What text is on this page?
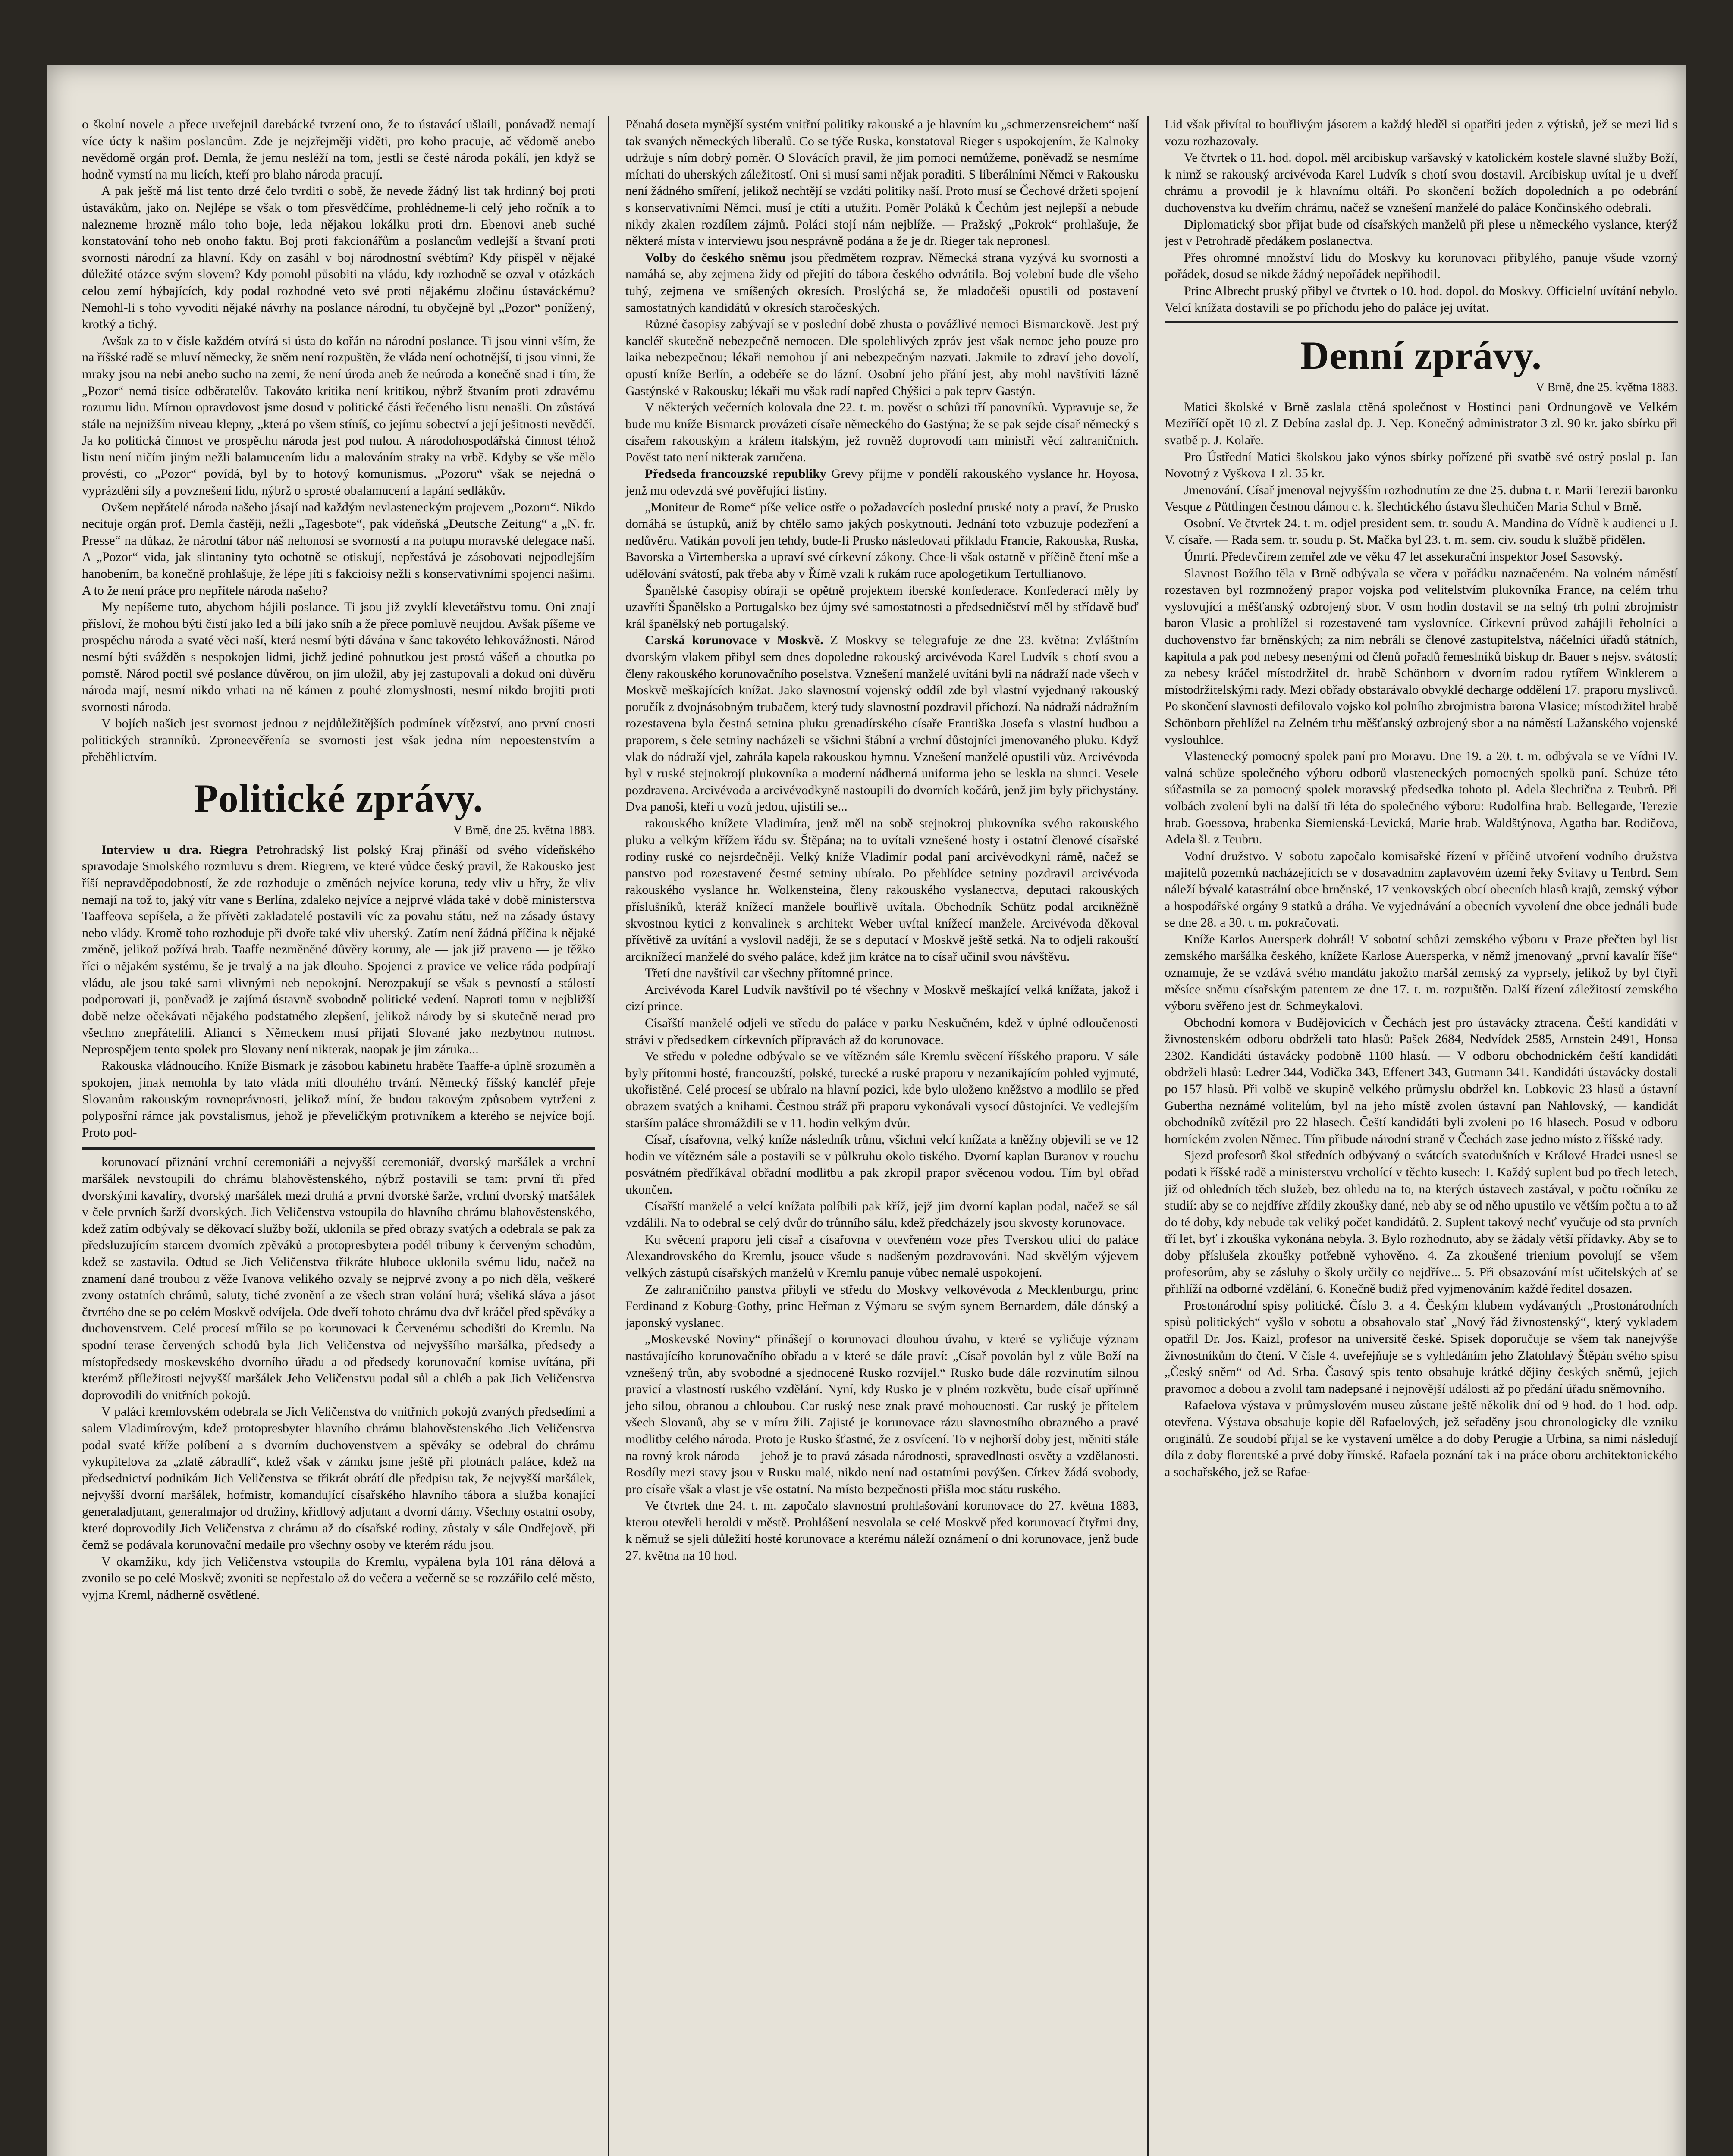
o školní novele a přece uveřejnil darebácké tvrzení ono, že to ústavácí ušlaili, ponávadž nemají více úcty k našim poslancům. Zde je nejzřejměji viděti, pro koho pracuje, ač vědomě anebo nevědomě orgán prof. Demla, že jemu nesléží na tom, jestli se česté národa pokálí, jen když se hodně vymstí na mu licích, kteří pro blaho národa pracují.

A pak ještě má list tento drzé čelo tvrditi o sobě, že nevede žádný list tak hrdinný boj proti ústavákům, jako on. Nejlépe se však o tom přesvědčíme, prohlédneme-li celý jeho ročník a to nalezneme hrozně málo toho boje, leda nějakou lokálku proti drn. Ebenovi aneb suché konstatování toho neb onoho faktu. Boj proti fakcionářům a poslancům vedlejší a štvaní proti svornosti národní za hlavní. Kdy on zasáhl v boj národnostní svébtím? Kdy přispěl v nějaké důležité otázce svým slovem? Kdy pomohl působiti na vládu, kdy rozhodně se ozval v otázkách celou zemí hýbajících, kdy podal rozhodné veto své proti nějakému zločinu ústaváckému? Nemohl-li s toho vyvoditi nějaké návrhy na poslance národní, tu obyčejně byl „Pozor“ ponížený, krotký a tichý.

Avšak za to v čísle každém otvírá si ústa do kořán na národní poslance. Ti jsou vinni vším, že na říšské radě se mluví německy, že sněm není rozpuštěn, že vláda není ochotnější, ti jsou vinni, že mraky jsou na nebi anebo sucho na zemi, že není úroda aneb že neúroda a konečně snad i tím, že „Pozor“ nemá tisíce odběratelův. Takováto kritika není kritikou, nýbrž štvaním proti zdravému rozumu lidu. Mírnou opravdovost jsme dosud v politické části řečeného listu nenašli. On zůstává stále na nejnižším niveau klepny, „která po všem stíníš, co jejímu sobectví a její ješitnosti nevědčí. Ja ko politická činnost ve prospěchu národa jest pod nulou. A národohospodářská činnost téhož listu není ničím jiným nežli balamucením lidu a malováním straky na vrbě. Kdyby se vše mělo provésti, co „Pozor“ povídá, byl by to hotový komunismus. „Pozoru“ však se nejedná o vyprázdění síly a povznešení lidu, nýbrž o sprosté obalamucení a lapání sedlákův.

Ovšem nepřátelé národa našeho jásají nad každým nevlasteneckým projevem „Pozoru“. Nikdo necituje orgán prof. Demla častěji, nežli „Tagesbote“, pak vídeňská „Deutsche Zeitung“ a „N. fr. Presse“ na důkaz, že národní tábor náš nehonosí se svorností a na potupu moravské delegace naší. A „Pozor“ vida, jak slintaniny tyto ochotně se otiskují, nepřestává je zásobovati nejpodlejším hanobením, ba konečně prohlašuje, že lépe jíti s fakcioisy nežli s konservativními spojenci našimi. A to že není práce pro nepřítele národa našeho?

My nepíšeme tuto, abychom hájili poslance. Ti jsou již zvyklí klevetářstvu tomu. Oni znají přísloví, že mohou býti čistí jako led a bílí jako sníh a že přece pomluvě neujdou. Avšak píšeme ve prospěchu národa a svaté věci naší, která nesmí býti dávána v šanc takovéto lehkovážnosti. Národ nesmí býti svážděn s nespokojen lidmi, jichž jediné pohnutkou jest prostá vášeň a choutka po pomstě. Národ poctil své poslance důvěrou, on jim uložil, aby jej zastupovali a dokud oni důvěru národa mají, nesmí nikdo vrhati na ně kámen z pouhé zlomyslnosti, nesmí nikdo brojiti proti svornosti národa.

V bojích našich jest svornost jednou z nejdůležitějších podmínek vítězství, ano první cnosti politických stranníků. Zproneevěřenía se svornosti jest však jedna ním nepoestenstvím a přeběhlictvím.

Politické zprávy.
V Brně, dne 25. května 1883.

Interview u dra. Riegra Petrohradský list polský Kraj přináší od svého vídeňského spravodaje Smolského rozmluvu s drem. Riegrem, ve které vůdce český pravil, že Rakousko jest říší nepravděpodobností, že zde rozhoduje o změnách nejvíce koruna, tedy vliv u hřry, že vliv nemají na tož to, jaký vítr vane s Berlína, zdaleko nejvíce a nejprvé vláda také v době ministerstva Taaffeova sepíšela, a že přívěti zakladatelé postavili víc za povahu státu, než na zásady ústavy nebo vlády. Kromě toho rozhoduje při dvoře také vliv uherský. Zatím není žádná příčina k nějaké změně, jelikož požívá hrab. Taaffe nezměněné důvěry koruny, ale — jak již praveno — je těžko říci o nějakém systému, še je trvalý a na jak dlouho. Spojenci z pravice ve velice ráda podpírají vládu, ale jsou také sami vlivnými neb nepokojní. Nerozpakují se však s pevností a stálostí podporovati ji, poněvadž je zajímá ústavně svobodně politické vedení. Naproti tomu v nejbližší době nelze očekávati nějakého podstatného zlepšení, jelikož národy by si skutečně nerad pro všechno znepřátelili. Aliancí s Německem musí přijati Slované jako nezbytnou nutnost. Neprospějem tento spolek pro Slovany není nikterak, naopak je jim záruka...

Rakouska vládnoucího. Kníže Bismark je zásobou kabinetu hraběte Taaffe-a úplně srozuměn a spokojen, jinak nemohla by tato vláda míti dlouhého trvání. Německý říšský kancléř přeje Slovanům rakouským rovnoprávnosti, jelikož míní, že budou takovým způsobem vytrženi z polyposřní rámce jak povstalismus, jehož je převeličkým protivníkem a kterého se nejvíce bojí. Proto pod-

korunovací přiznání vrchní ceremoniáři a nejvyšší ceremoniář, dvorský maršálek a vrchní maršálek nevstoupili do chrámu blahověstenského, nýbrž postavili se tam: první tři před dvorskými kavalíry, dvorský maršálek mezi druhá a první dvorské šarže, vrchní dvorský maršálek v čele prvních šarží dvorských. Jich Veličenstva vstoupila do hlavního chrámu blahověstenského, kdež zatím odbývaly se děkovací služby boží, uklonila se před obrazy svatých a odebrala se pak za předsluzujícím starcem dvorních zpěváků a protopresbytera podél tribuny k červeným schodům, kdež se zastavila. Odtud se Jich Veličenstva třikráte hluboce uklonila svému lidu, načež na znamení dané troubou z věže Ivanova velikého ozvaly se nejprvé zvony a po nich děla, veškeré zvony ostatních chrámů, saluty, tiché zvonění a ze všech stran volání hurá; všeliká sláva a jásot čtvrtého dne se po celém Moskvě odvíjela. Ode dveří tohoto chrámu dva dvř kráčel před spěváky a duchovenstvem. Celé procesí mířilo se po korunovaci k Červenému schodišti do Kremlu. Na spodní terase červených schodů byla Jich Veličenstva od nejvyššího maršálka, předsedy a místopředsedy moskevského dvorního úřadu a od předsedy korunovační komise uvítána, při kterémž příležitosti nejvyšší maršálek Jeho Veličenstvu podal sůl a chléb a pak Jich Veličenstva doprovodili do vnitřních pokojů.

V paláci kremlovském odebrala se Jich Veličenstva do vnitřních pokojů zvaných předsedími a salem Vladimírovým, kdež protopresbyter hlavního chrámu blahověstenského Jich Veličenstva podal svaté kříže políbení a s dvorním duchovenstvem a spěváky se odebral do chrámu vykupitelova za „zlatě zábradlí“, kdež však v zámku jsme ještě při plotnách paláce, kdež na předsednictví podnikám Jich Veličenstva se třikrát obrátí dle předpisu tak, že nejvyšší maršálek, nejvyšší dvorní maršálek, hofmistr, komandující císařského hlavního tábora a služba konající generaladjutant, generalmajor od družiny, křídlový adjutant a dvorní dámy. Všechny ostatní osoby, které doprovodily Jich Veličenstva z chrámu až do císařské rodiny, zůstaly v sále Ondřejově, při čemž se podávala korunovační medaile pro všechny osoby ve kterém rádu jsou.

V okamžiku, kdy jich Veličenstva vstoupila do Kremlu, vypálena byla 101 rána dělová a zvonilo se po celé Moskvě; zvoniti se nepřestalo až do večera a večerně se se rozzářilo celé město, vyjma Kreml, nádherně osvětlené.

Pěnahá doseta mynější systém vnitřní politiky rakouské a je hlavním ku „schmerzensreichem“ naší tak svaných německých liberalů. Co se týče Ruska, konstatoval Rieger s uspokojením, že Kalnoky udržuje s ním dobrý poměr. O Slovácích pravil, že jim pomoci nemůžeme, poněvadž se nesmíme míchati do uherských záležitostí. Oni si musí sami nějak poraditi. S liberálními Němci v Rakousku není žádného smíření, jelikož nechtějí se vzdáti politiky naší. Proto musí se Čechové držeti spojení s konservativními Němci, musí je ctíti a utužiti. Poměr Poláků k Čechům jest nejlepší a nebude nikdy zkalen rozdílem zájmů. Poláci stojí nám nejblíže. — Pražský „Pokrok“ prohlašuje, že některá místa v interviewu jsou nesprávně podána a že je dr. Rieger tak nepronesl.

Volby do českého sněmu jsou předmětem rozprav. Německá strana vyzývá ku svornosti a namáhá se, aby zejmena židy od přejití do tábora českého odvrátila. Boj volební bude dle všeho tuhý, zejmena ve smíšených okresích. Proslýchá se, že mladočeši opustili od postavení samostatných kandidátů v okresích staročeských.

Různé časopisy zabývají se v poslední době zhusta o povážlivé nemoci Bismarckově. Jest prý kancléř skutečně nebezpečně nemocen. Dle spolehlivých zpráv jest však nemoc jeho pouze pro laika nebezpečnou; lékaři nemohou jí ani nebezpečným nazvati. Jakmile to zdraví jeho dovolí, opustí kníže Berlín, a odebéře se do lázní. Osobní jeho přání jest, aby mohl navštíviti lázně Gastýnské v Rakousku; lékaři mu však radí napřed Chýšici a pak teprv Gastýn.

V některých večerních kolovala dne 22. t. m. pověst o schůzi tří panovníků. Vypravuje se, že bude mu kníže Bismarck provázeti císaře německého do Gastýna; že se pak sejde císař německý s císařem rakouským a králem italským, jež rovněž doprovodí tam ministři věcí zahraničních. Pověst tato není nikterak zaručena.

Předseda francouzské republiky Grevy přijme v pondělí rakouského vyslance hr. Hoyosa, jenž mu odevzdá své pověřující listiny.

„Moniteur de Rome“ píše velice ostře o požadavcích poslední pruské noty a praví, že Prusko domáhá se ústupků, aniž by chtělo samo jakých poskytnouti. Jednání toto vzbuzuje podezření a nedůvěru. Vatikán povolí jen tehdy, bude-li Prusko následovati příkladu Francie, Rakouska, Ruska, Bavorska a Virtemberska a upraví své církevní zákony. Chce-li však ostatně v příčině čtení mše a udělování svátostí, pak třeba aby v Římě vzali k rukám ruce apologetikum Tertullianovo.

Španělské časopisy obírají se opětně projektem iberské konfederace. Konfederací měly by uzavříti Španělsko a Portugalsko bez újmy své samostatnosti a předsedničství měl by střídavě buď král španělský neb portugalský.

Carská korunovace v Moskvě. Z Moskvy se telegrafuje ze dne 23. května: Zvláštním dvorským vlakem přibyl sem dnes dopoledne rakouský arcivévoda Karel Ludvík s chotí svou a členy rakouského korunovačního poselstva. Vznešení manželé uvítáni byli na nádraží nade všech v Moskvě meškajících knížat. Jako slavnostní vojenský oddíl zde byl vlastní vyjednaný rakouský poručík z dvojnásobným trubačem, který tudy slavnostní pozdravil příchozí. Na nádraží nádražním rozestavena byla čestná setnina pluku grenadírského císaře Františka Josefa s vlastní hudbou a praporem, s čele setniny nacházeli se všichni štábní a vrchní důstojníci jmenovaného pluku. Když vlak do nádraží vjel, zahrála kapela rakouskou hymnu. Vznešení manželé opustili vůz. Arcivévoda byl v ruské stejnokrojí plukovníka a moderní nádherná uniforma jeho se leskla na slunci. Vesele pozdravena. Arcivévoda a arcivévodkyně nastoupili do dvorních kočárů, jenž jim byly přichystány. Dva panoši, kteří u vozů jedou, ujistili se...

rakouského knížete Vladimíra, jenž měl na sobě stejnokroj plukovníka svého rakouského pluku a velkým křížem řádu sv. Štěpána; na to uvítali vznešené hosty i ostatní členové císařské rodiny ruské co nejsrdečněji. Velký kníže Vladimír podal paní arcivévodkyni rámě, načež se panstvo pod rozestavené čestné setniny ubíralo. Po přehlídce setniny pozdravil arcivévoda rakouského vyslance hr. Wolkensteina, členy rakouského vyslanectva, deputaci rakouských příslušníků, kteráž knížecí manžele bouřlivě uvítala. Obchodník Schütz podal arcikněžně skvostnou kytici z konvalinek s architekt Weber uvítal knížecí manžele. Arcivévoda děkoval přívětivě za uvítání a vyslovil naději, že se s deputací v Moskvě ještě setká. Na to odjeli rakouští arciknížecí manželé do svého paláce, kdež jim krátce na to císař učinil svou návštěvu.

Třetí dne navštívil car všechny přítomné prince.

Arcivévoda Karel Ludvík navštívil po té všechny v Moskvě meškající velká knížata, jakož i cizí prince.

Císařští manželé odjeli ve středu do paláce v parku Neskučném, kdež v úplné odloučenosti strávi v předsedkem církevních přípravách až do korunovace.

Ve středu v poledne odbývalo se ve vítězném sále Kremlu svěcení říšského praporu. V sále byly přítomni hosté, francouzští, polské, turecké a ruské praporu v nezanikajícím pohled vyjmuté, ukořistěné. Celé procesí se ubíralo na hlavní pozici, kde bylo uloženo kněžstvo a modlilo se před obrazem svatých a knihami. Čestnou stráž při praporu vykonávali vysocí důstojníci. Ve vedlejším starším paláce shromáždili se v 11. hodin velkým dvůr.

Císař, císařovna, velký kníže následník trůnu, všichni velcí knížata a kněžny objevili se ve 12 hodin ve vítězném sále a postavili se v půlkruhu okolo tiského. Dvorní kaplan Buranov v rouchu posvátném předříkával obřadní modlitbu a pak zkropil prapor svěcenou vodou. Tím byl obřad ukončen.

Císařští manželé a velcí knížata políbili pak kříž, jejž jim dvorní kaplan podal, načež se sál vzdálili. Na to odebral se celý dvůr do trůnního sálu, kdež předcházely jsou skvosty korunovace.

Ku svěcení praporu jeli císař a císařovna v otevřeném voze přes Tverskou ulici do paláce Alexandrovského do Kremlu, jsouce všude s nadšeným pozdravováni. Nad skvělým výjevem velkých zástupů císařských manželů v Kremlu panuje vůbec nemalé uspokojení.

Ze zahraničního panstva přibyli ve středu do Moskvy velkovévoda z Mecklenburgu, princ Ferdinand z Koburg-Gothy, princ Heřman z Výmaru se svým synem Bernardem, dále dánský a japonský vyslanec.

„Moskevské Noviny“ přinášejí o korunovaci dlouhou úvahu, v které se vyličuje význam nastávajícího korunovačního obřadu a v které se dále praví: „Císař povolán byl z vůle Boží na vznešený trůn, aby svobodné a sjednocené Rusko rozvíjel.“ Rusko bude dále rozvinutím silnou pravicí a vlastností ruského vzdělání. Nyní, kdy Rusko je v plném rozkvětu, bude císař upřímně jeho silou, obranou a chloubou. Car ruský nese znak pravé mohoucnosti. Car ruský je přítelem všech Slovanů, aby se v míru žili. Zajisté je korunovace rázu slavnostního obrazného a pravé modlitby celého národa. Proto je Rusko šťastné, že z osvícení. To v nejhorší doby jest, měniti stále na rovný krok národa — jehož je to pravá zásada národnosti, spravedlnosti osvěty a vzdělanosti. Rosdíly mezi stavy jsou v Rusku malé, nikdo není nad ostatními povýšen. Církev žádá svobody, pro císaře však a vlast je vše ostatní. Na místo bezpečnosti přišla moc státu ruského.

Ve čtvrtek dne 24. t. m. započalo slavnostní prohlašování korunovace do 27. května 1883, kterou otevřeli heroldi v městě. Prohlášení nesvolala se celé Moskvě před korunovací čtyřmi dny, k němuž se sjeli důležití hosté korunovace a kterému náleží oznámení o dni korunovace, jenž bude 27. května na 10 hod.

Lid však přivítal to bouřlivým jásotem a každý hleděl si opatřiti jeden z výtisků, jež se mezi lid s vozu rozhazovaly.

Ve čtvrtek o 11. hod. dopol. měl arcibiskup varšavský v katolickém kostele slavné služby Boží, k nimž se rakouský arcivévoda Karel Ludvík s chotí svou dostavil. Arcibiskup uvítal je u dveří chrámu a provodil je k hlavnímu oltáři. Po skončení božích dopoledních a po odebrání duchovenstva ku dveřím chrámu, načež se vznešení manželé do paláce Končinského odebrali.

Diplomatický sbor přijat bude od císařských manželů při plese u německého vyslance, kterýž jest v Petrohradě předákem poslanectva.

Přes ohromné množství lidu do Moskvy ku korunovaci přibylého, panuje všude vzorný pořádek, dosud se nikde žádný nepořádek nepřihodil.

Princ Albrecht pruský přibyl ve čtvrtek o 10. hod. dopol. do Moskvy. Officielní uvítání nebylo. Velcí knížata dostavili se po příchodu jeho do paláce jej uvítat.

Denní zprávy.
V Brně, dne 25. května 1883.

Matici školské v Brně zaslala ctěná společnost v Hostinci pani Ordnungově ve Velkém Meziříčí opět 10 zl. Z Debína zaslal dp. J. Nep. Konečný administrator 3 zl. 90 kr. jako sbírku při svatbě p. J. Kolaře.

Pro Ústřední Matici školskou jako výnos sbírky pořízené při svatbě své ostrý poslal p. Jan Novotný z Vyškova 1 zl. 35 kr.

Jmenování. Císař jmenoval nejvyšším rozhodnutím ze dne 25. dubna t. r. Marii Terezii baronku Vesque z Püttlingen čestnou dámou c. k. šlechtického ústavu šlechtičen Maria Schul v Brně.

Osobní. Ve čtvrtek 24. t. m. odjel president sem. tr. soudu A. Mandina do Vídně k audienci u J. V. císaře. — Rada sem. tr. soudu p. St. Mačka byl 23. t. m. sem. civ. soudu k službě přidělen.

Úmrtí. Předevčírem zemřel zde ve věku 47 let assekurační inspektor Josef Sasovský.

Slavnost Božího těla v Brně odbývala se včera v pořádku naznačeném. Na volném náměstí rozestaven byl rozmnožený prapor vojska pod velitelstvím plukovníka France, na celém trhu vyslovující a měšťanský ozbrojený sbor. V osm hodin dostavil se na selný trh polní zbrojmistr baron Vlasic a prohlížel si rozestavené tam vyslovníce. Církevní průvod zahájili řeholníci a duchovenstvo far brněnských; za nim nebráli se členové zastupitelstva, náčelníci úřadů státních, kapitula a pak pod nebesy nesenými od členů pořadů řemeslníků biskup dr. Bauer s nejsv. svátostí; za nebesy kráčel místodržitel dr. hrabě Schönborn v dvorním radou rytířem Winklerem a místodržitelskými rady. Mezi obřady obstarávalo obvyklé decharge oddělení 17. praporu myslivců. Po skončení slavnosti defilovalo vojsko kol polního zbrojmistra barona Vlasice; místodržitel hrabě Schönborn přehlížel na Zelném trhu měšťanský ozbrojený sbor a na náměstí Lažanského vojenské vyslouhlce.

Vlastenecký pomocný spolek paní pro Moravu. Dne 19. a 20. t. m. odbývala se ve Vídni IV. valná schůze společného výboru odborů vlasteneckých pomocných spolků paní. Schůze této súčastnila se za pomocný spolek moravský předsedka tohoto pl. Adela šlechtična z Teubrů. Při volbách zvolení byli na další tři léta do společného výboru: Rudolfina hrab. Bellegarde, Terezie hrab. Goessova, hrabenka Siemienská-Levická, Marie hrab. Waldštýnova, Agatha bar. Rodičova, Adela šl. z Teubru.

Vodní družstvo. V sobotu započalo komisařské řízení v příčině utvoření vodního družstva majitelů pozemků nacházejících se v dosavadním zaplavovém území řeky Svitavy u Tenbrd. Sem náleží bývalé katastrální obce brněnské, 17 venkovských obcí obecních hlasů krajů, zemský výbor a hospodářské orgány 9 statků a dráha. Ve vyjednávání a obecních vyvolení dne obce jednáli bude se dne 28. a 30. t. m. pokračovati.

Kníže Karlos Auersperk dohrál! V sobotní schůzi zemského výboru v Praze přečten byl list zemského maršálka českého, knížete Karlose Auersperka, v němž jmenovaný „první kavalír říše“ oznamuje, že se vzdává svého mandátu jakožto maršál zemský za vyprsely, jelikož by byl čtyři měsíce sněmu císařským patentem ze dne 17. t. m. rozpuštěn. Další řízení záležitostí zemského výboru svěřeno jest dr. Schmeykalovi.

Obchodní komora v Budějovicích v Čechách jest pro ústavácky ztracena. Čeští kandidáti v živnostenském odboru obdrželi tato hlasů: Pašek 2684, Nedvídek 2585, Arnstein 2491, Honsa 2302. Kandidáti ústavácky podobně 1100 hlasů. — V odboru obchodnickém čeští kandidáti obdrželi hlasů: Ledrer 344, Vodička 343, Effenert 343, Gutmann 341. Kandidáti ústavácky dostali po 157 hlasů. Při volbě ve skupině velkého průmyslu obdržel kn. Lobkovic 23 hlasů a ústavní Gubertha neznámé volitelům, byl na jeho místě zvolen ústavní pan Nahlovský, — kandidát obchodníků zvítězil pro 22 hlasech. Čeští kandidáti byli zvoleni po 16 hlasech. Posud v odboru horníckém zvolen Němec. Tím přibude národní straně v Čechách zase jedno místo z říšské rady.

Sjezd profesorů škol středních odbývaný o svátcích svatodušních v Králové Hradci usnesl se podati k říšské radě a ministerstvu vrcholící v těchto kusech: 1. Každý suplent bud po třech letech, již od ohledních těch služeb, bez ohledu na to, na kterých ústavech zastával, v počtu ročníku ze studií: aby se co nejdříve zřídily zkoušky dané, neb aby se od něho upustilo ve větším počtu a to až do té doby, kdy nebude tak veliký počet kandidátů. 2. Suplent takový nechť vyučuje od sta prvních tří let, byť i zkouška vykonána nebyla. 3. Bylo rozhodnuto, aby se žádaly větší přídavky. Aby se to doby příslušela zkoušky potřebně vyhověno. 4. Za zkoušené trienium povolují se všem profesorům, aby se zásluhy o školy určily co nejdříve... 5. Při obsazování míst učitelských ať se přihlíží na odborné vzdělání, 6. Konečně budiž před vyjmenováním každé ředitel dosazen.

Prostonárodní spisy politické. Číslo 3. a 4. Českým klubem vydávaných „Prostonárodních spisů politických“ vyšlo v sobotu a obsahovalo stať „Nový řád živnostenský“, který vykladem opatřil Dr. Jos. Kaizl, profesor na universitě české. Spisek doporučuje se všem tak nanejvýše živnostníkům do čtení. V čísle 4. uveřejňuje se s vyhledáním jeho Zlatohlavý Štěpán svého spisu „Český sněm“ od Ad. Srba. Časový spis tento obsahuje krátké dějiny českých sněmů, jejich pravomoc a dobou a zvolil tam nadepsané i nejnovější události až po předání úřadu sněmovního.

Rafaelova výstava v průmyslovém museu zůstane ještě několik dní od 9 hod. do 1 hod. odp. otevřena. Výstava obsahuje kopie děl Rafaelových, jež seřaděny jsou chronologicky dle vzniku originálů. Ze soudobí přijal se ke vystavení umělce a do doby Perugie a Urbina, sa nimi následují díla z doby florentské a prvé doby římské. Rafaela poznání tak i na práce oboru architektonického a sochařského, jež se Rafae-
